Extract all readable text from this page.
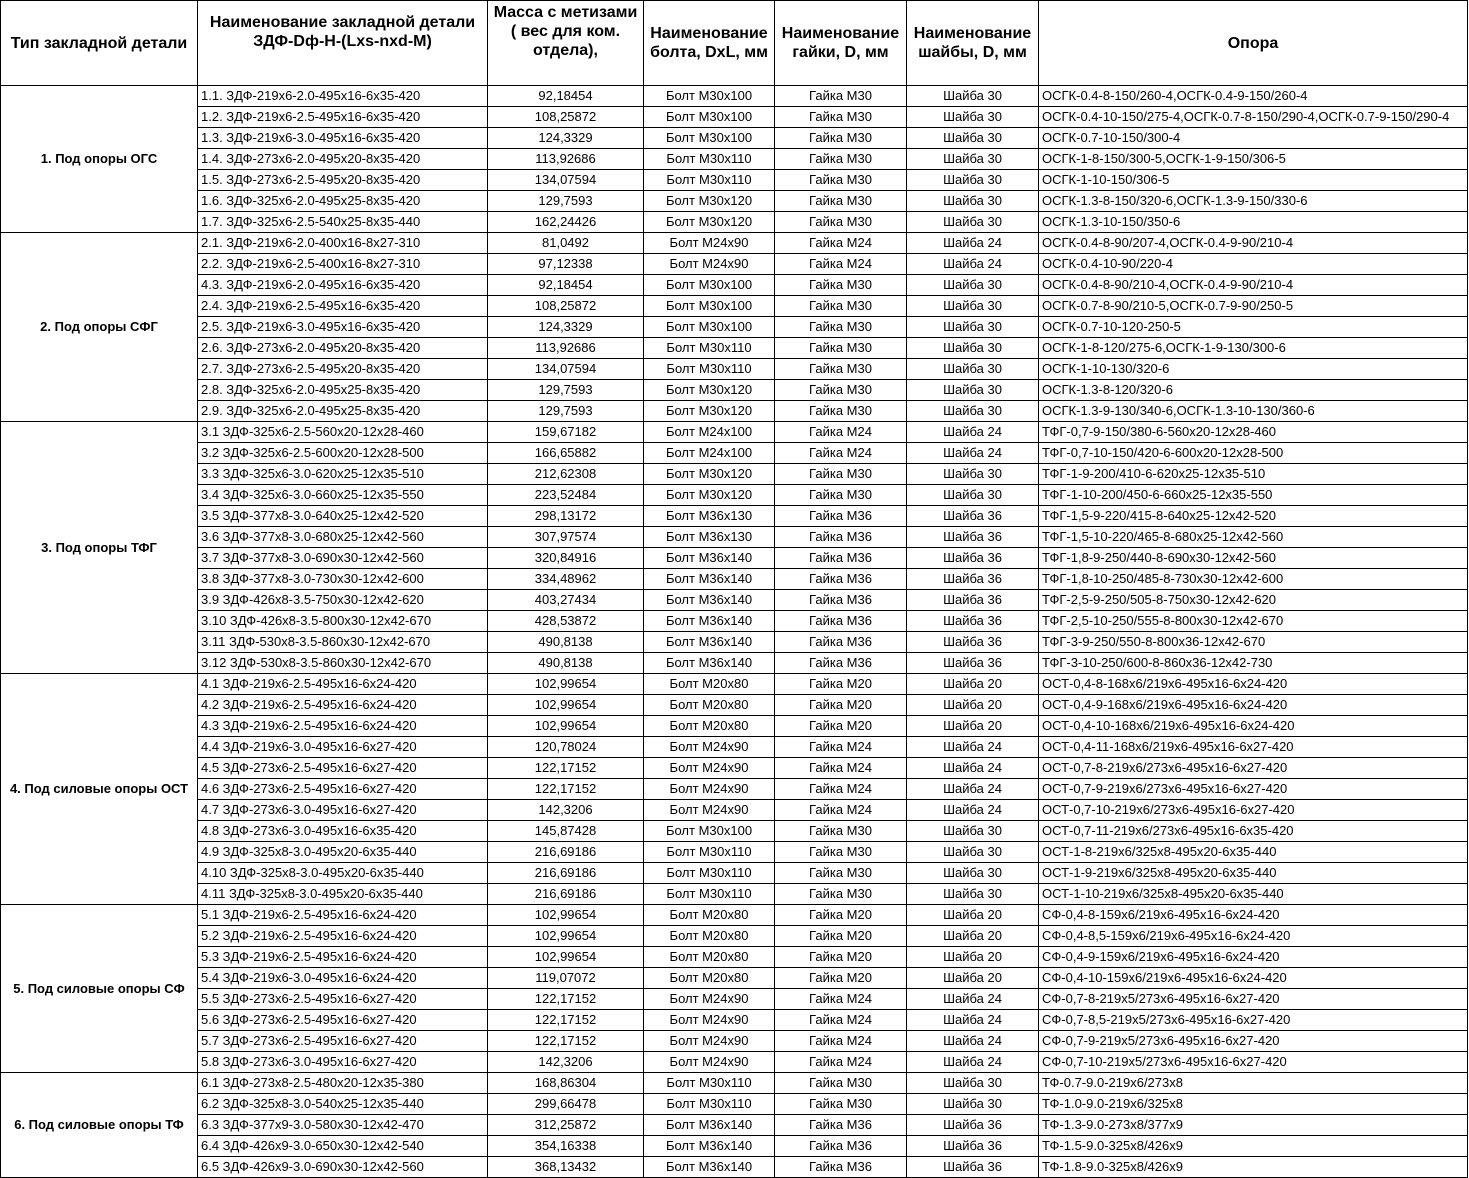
Тип закладной детали	Наименование закладной детали ЗДФ-Dф-H-(Lxs-nxd-M)	Масса с метизами ( вес для ком. отдела),	Наименование болта, DxL, мм	Наименование гайки, D, мм	Наименование шайбы, D, мм	Опора
1. Под опоры ОГС	1.1. ЗДФ-219х6-2.0-495х16-6х35-420	92,18454	Болт М30х100	Гайка М30	Шайба 30	ОСГК-0.4-8-150/260-4,ОСГК-0.4-9-150/260-4
	1.2. ЗДФ-219х6-2.5-495х16-6х35-420	108,25872	Болт М30х100	Гайка М30	Шайба 30	ОСГК-0.4-10-150/275-4,ОСГК-0.7-8-150/290-4,ОСГК-0.7-9-150/290-4
	1.3. ЗДФ-219х6-3.0-495х16-6х35-420	124,3329	Болт М30х100	Гайка М30	Шайба 30	ОСГК-0.7-10-150/300-4
	1.4. ЗДФ-273х6-2.0-495х20-8х35-420	113,92686	Болт М30х110	Гайка М30	Шайба 30	ОСГК-1-8-150/300-5,ОСГК-1-9-150/306-5
	1.5. ЗДФ-273х6-2.5-495х20-8х35-420	134,07594	Болт М30х110	Гайка М30	Шайба 30	ОСГК-1-10-150/306-5
	1.6. ЗДФ-325х6-2.0-495х25-8х35-420	129,7593	Болт М30х120	Гайка М30	Шайба 30	ОСГК-1.3-8-150/320-6,ОСГК-1.3-9-150/330-6
	1.7. ЗДФ-325х6-2.5-540х25-8х35-440	162,24426	Болт М30х120	Гайка М30	Шайба 30	ОСГК-1.3-10-150/350-6
2. Под опоры СФГ	2.1. ЗДФ-219х6-2.0-400х16-8х27-310	81,0492	Болт М24х90	Гайка М24	Шайба 24	ОСГК-0.4-8-90/207-4,ОСГК-0.4-9-90/210-4
	2.2. ЗДФ-219х6-2.5-400х16-8х27-310	97,12338	Болт М24х90	Гайка М24	Шайба 24	ОСГК-0.4-10-90/220-4
	4.3. ЗДФ-219х6-2.0-495х16-6х35-420	92,18454	Болт М30х100	Гайка М30	Шайба 30	ОСГК-0.4-8-90/210-4,ОСГК-0.4-9-90/210-4
	2.4. ЗДФ-219х6-2.5-495х16-6х35-420	108,25872	Болт М30х100	Гайка М30	Шайба 30	ОСГК-0.7-8-90/210-5,ОСГК-0.7-9-90/250-5
	2.5. ЗДФ-219х6-3.0-495х16-6х35-420	124,3329	Болт М30х100	Гайка М30	Шайба 30	ОСГК-0.7-10-120-250-5
	2.6. ЗДФ-273х6-2.0-495х20-8х35-420	113,92686	Болт М30х110	Гайка М30	Шайба 30	ОСГК-1-8-120/275-6,ОСГК-1-9-130/300-6
	2.7. ЗДФ-273х6-2.5-495х20-8х35-420	134,07594	Болт М30х110	Гайка М30	Шайба 30	ОСГК-1-10-130/320-6
	2.8. ЗДФ-325х6-2.0-495х25-8х35-420	129,7593	Болт М30х120	Гайка М30	Шайба 30	ОСГК-1.3-8-120/320-6
	2.9. ЗДФ-325х6-2.0-495х25-8х35-420	129,7593	Болт М30х120	Гайка М30	Шайба 30	ОСГК-1.3-9-130/340-6,ОСГК-1.3-10-130/360-6
3. Под опоры ТФГ	3.1 ЗДФ-325х6-2.5-560х20-12х28-460	159,67182	Болт М24х100	Гайка М24	Шайба 24	ТФГ-0,7-9-150/380-6-560х20-12х28-460
	3.2 ЗДФ-325х6-2.5-600х20-12х28-500	166,65882	Болт М24х100	Гайка М24	Шайба 24	ТФГ-0,7-10-150/420-6-600х20-12х28-500
	3.3 ЗДФ-325х6-3.0-620х25-12х35-510	212,62308	Болт М30х120	Гайка М30	Шайба 30	ТФГ-1-9-200/410-6-620х25-12х35-510
	3.4 ЗДФ-325х6-3.0-660х25-12х35-550	223,52484	Болт М30х120	Гайка М30	Шайба 30	ТФГ-1-10-200/450-6-660х25-12х35-550
	3.5 ЗДФ-377х8-3.0-640х25-12х42-520	298,13172	Болт М36х130	Гайка М36	Шайба 36	ТФГ-1,5-9-220/415-8-640х25-12х42-520
	3.6 ЗДФ-377х8-3.0-680х25-12х42-560	307,97574	Болт М36х130	Гайка М36	Шайба 36	ТФГ-1,5-10-220/465-8-680х25-12х42-560
	3.7 ЗДФ-377х8-3.0-690х30-12х42-560	320,84916	Болт М36х140	Гайка М36	Шайба 36	ТФГ-1,8-9-250/440-8-690х30-12х42-560
	3.8 ЗДФ-377х8-3.0-730х30-12х42-600	334,48962	Болт М36х140	Гайка М36	Шайба 36	ТФГ-1,8-10-250/485-8-730х30-12х42-600
	3.9 ЗДФ-426х8-3.5-750х30-12х42-620	403,27434	Болт М36х140	Гайка М36	Шайба 36	ТФГ-2,5-9-250/505-8-750х30-12х42-620
	3.10 ЗДФ-426х8-3.5-800х30-12х42-670	428,53872	Болт М36х140	Гайка М36	Шайба 36	ТФГ-2,5-10-250/555-8-800х30-12х42-670
	3.11 ЗДФ-530х8-3.5-860х30-12х42-670	490,8138	Болт М36х140	Гайка М36	Шайба 36	ТФГ-3-9-250/550-8-800х36-12х42-670
	3.12 ЗДФ-530х8-3.5-860х30-12х42-670	490,8138	Болт М36х140	Гайка М36	Шайба 36	ТФГ-3-10-250/600-8-860х36-12х42-730
4. Под силовые опоры ОСТ	4.1 ЗДФ-219х6-2.5-495х16-6х24-420	102,99654	Болт М20х80	Гайка М20	Шайба 20	ОСТ-0,4-8-168х6/219х6-495х16-6х24-420
	4.2 ЗДФ-219х6-2.5-495х16-6х24-420	102,99654	Болт М20х80	Гайка М20	Шайба 20	ОСТ-0,4-9-168х6/219х6-495х16-6х24-420
	4.3 ЗДФ-219х6-2.5-495х16-6х24-420	102,99654	Болт М20х80	Гайка М20	Шайба 20	ОСТ-0,4-10-168х6/219х6-495х16-6х24-420
	4.4 ЗДФ-219х6-3.0-495х16-6х27-420	120,78024	Болт М24х90	Гайка М24	Шайба 24	ОСТ-0,4-11-168х6/219х6-495х16-6х27-420
	4.5 ЗДФ-273х6-2.5-495х16-6х27-420	122,17152	Болт М24х90	Гайка М24	Шайба 24	ОСТ-0,7-8-219х6/273х6-495х16-6х27-420
	4.6 ЗДФ-273х6-2.5-495х16-6х27-420	122,17152	Болт М24х90	Гайка М24	Шайба 24	ОСТ-0,7-9-219х6/273х6-495х16-6х27-420
	4.7 ЗДФ-273х6-3.0-495х16-6х27-420	142,3206	Болт М24х90	Гайка М24	Шайба 24	ОСТ-0,7-10-219х6/273х6-495х16-6х27-420
	4.8 ЗДФ-273х6-3.0-495х16-6х35-420	145,87428	Болт М30х100	Гайка М30	Шайба 30	ОСТ-0,7-11-219х6/273х6-495х16-6х35-420
	4.9 ЗДФ-325х8-3.0-495х20-6х35-440	216,69186	Болт М30х110	Гайка М30	Шайба 30	ОСТ-1-8-219х6/325х8-495х20-6х35-440
	4.10 ЗДФ-325х8-3.0-495х20-6х35-440	216,69186	Болт М30х110	Гайка М30	Шайба 30	ОСТ-1-9-219х6/325х8-495х20-6х35-440
	4.11 ЗДФ-325х8-3.0-495х20-6х35-440	216,69186	Болт М30х110	Гайка М30	Шайба 30	ОСТ-1-10-219х6/325х8-495х20-6х35-440
5. Под силовые опоры СФ	5.1 ЗДФ-219х6-2.5-495х16-6х24-420	102,99654	Болт М20х80	Гайка М20	Шайба 20	СФ-0,4-8-159х6/219х6-495х16-6х24-420
	5.2 ЗДФ-219х6-2.5-495х16-6х24-420	102,99654	Болт М20х80	Гайка М20	Шайба 20	СФ-0,4-8,5-159х6/219х6-495х16-6х24-420
	5.3 ЗДФ-219х6-2.5-495х16-6х24-420	102,99654	Болт М20х80	Гайка М20	Шайба 20	СФ-0,4-9-159х6/219х6-495х16-6х24-420
	5.4 ЗДФ-219х6-3.0-495х16-6х24-420	119,07072	Болт М20х80	Гайка М20	Шайба 20	СФ-0,4-10-159х6/219х6-495х16-6х24-420
	5.5 ЗДФ-273х6-2.5-495х16-6х27-420	122,17152	Болт М24х90	Гайка М24	Шайба 24	СФ-0,7-8-219х5/273х6-495х16-6х27-420
	5.6 ЗДФ-273х6-2.5-495х16-6х27-420	122,17152	Болт М24х90	Гайка М24	Шайба 24	СФ-0,7-8,5-219х5/273х6-495х16-6х27-420
	5.7 ЗДФ-273х6-2.5-495х16-6х27-420	122,17152	Болт М24х90	Гайка М24	Шайба 24	СФ-0,7-9-219х5/273х6-495х16-6х27-420
	5.8 ЗДФ-273х6-3.0-495х16-6х27-420	142,3206	Болт М24х90	Гайка М24	Шайба 24	СФ-0,7-10-219х5/273х6-495х16-6х27-420
6. Под силовые опоры ТФ	6.1 ЗДФ-273х8-2.5-480х20-12х35-380	168,86304	Болт М30х110	Гайка М30	Шайба 30	ТФ-0.7-9.0-219х6/273х8
	6.2 ЗДФ-325х8-3.0-540х25-12х35-440	299,66478	Болт М30х110	Гайка М30	Шайба 30	ТФ-1.0-9.0-219х6/325х8
	6.3 ЗДФ-377х9-3.0-580х30-12х42-470	312,25872	Болт М36х140	Гайка М36	Шайба 36	ТФ-1.3-9.0-273х8/377х9
	6.4 ЗДФ-426х9-3.0-650х30-12х42-540	354,16338	Болт М36х140	Гайка М36	Шайба 36	ТФ-1.5-9.0-325х8/426х9
	6.5 ЗДФ-426х9-3.0-690х30-12х42-560	368,13432	Болт М36х140	Гайка М36	Шайба 36	ТФ-1.8-9.0-325х8/426х9
